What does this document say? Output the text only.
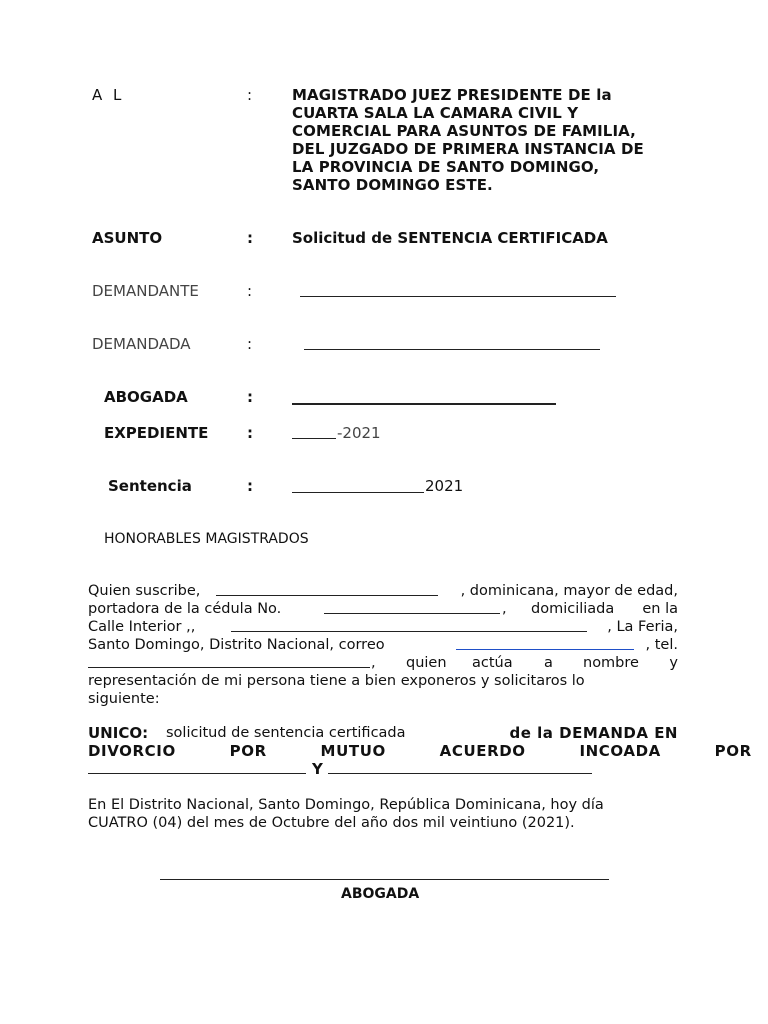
A L	:	MAGISTRADO JUEZ PRESIDENTE DE la
CUARTA SALA LA CAMARA CIVIL Y
COMERCIAL PARA ASUNTOS DE FAMILIA,
DEL JUZGADO DE PRIMERA INSTANCIA DE
LA PROVINCIA DE SANTO DOMINGO,
SANTO DOMINGO ESTE.
ASUNTO	:	Solicitud de SENTENCIA CERTIFICADA
DEMANDANTE	:
DEMANDADA	:
ABOGADA	:
EXPEDIENTE	:	-2021
Sentencia	:	2021
HONORABLES MAGISTRADOS
Quien suscribe,	, dominicana, mayor de edad,
portadora de la cédula No.	, domiciliada en la
Calle Interior ,,	, La Feria,
Santo Domingo, Distrito Nacional, correo	, tel.
, quien actúa a nombre y
representación de mi persona tiene a bien exponeros y solicitaros lo
siguiente:
UNICO: solicitud de sentencia certificada	de la DEMANDA EN
DIVORCIO POR MUTUO ACUERDO INCOADA POR
Y
En El Distrito Nacional, Santo Domingo, República Dominicana, hoy día
CUATRO (04) del mes de Octubre del año dos mil veintiuno (2021).
ABOGADA
